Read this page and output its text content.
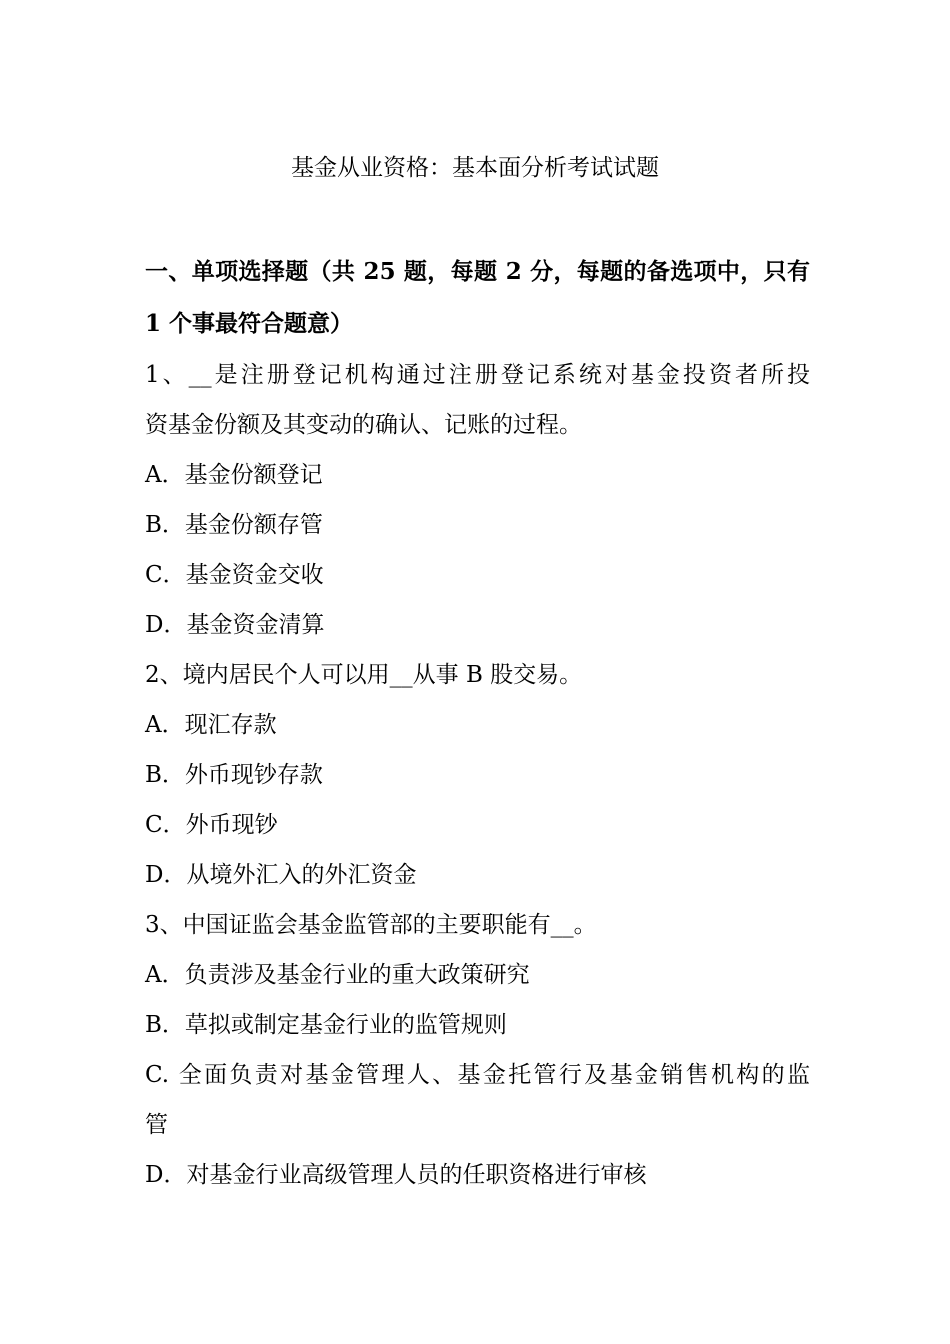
基金从业资格：基本面分析考试试题
一、单项选择题（共 25 题，每题 2 分，每题的备选项中，只有
1 个事最符合题意）
1、__是注册登记机构通过注册登记系统对基金投资者所投
资基金份额及其变动的确认、记账的过程。
A．基金份额登记
B．基金份额存管
C．基金资金交收
D．基金资金清算
2、境内居民个人可以用__从事 B 股交易。
A．现汇存款
B．外币现钞存款
C．外币现钞
D．从境外汇入的外汇资金
3、中国证监会基金监管部的主要职能有__。
A．负责涉及基金行业的重大政策研究
B．草拟或制定基金行业的监管规则
C. 全面负责对基金管理人、基金托管行及基金销售机构的监
管
D．对基金行业高级管理人员的任职资格进行审核
